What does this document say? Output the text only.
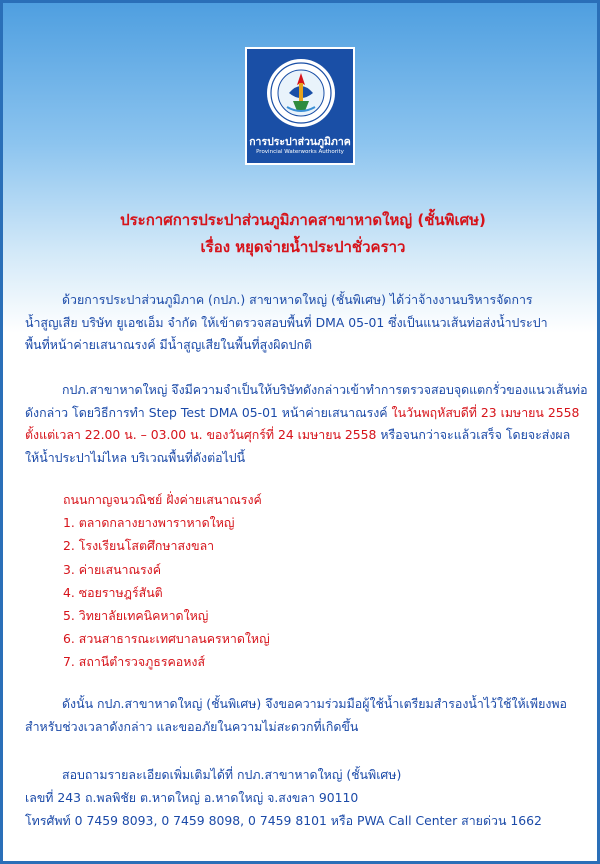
การประปาส่วนภูมิภาค
Provincial Waterworks Authority
ประกาศการประปาส่วนภูมิภาคสาขาหาดใหญ่ (ชั้นพิเศษ)
เรื่อง หยุดจ่ายน้ำประปาชั่วคราว
ด้วยการประปาส่วนภูมิภาค (กปภ.) สาขาหาดใหญ่ (ชั้นพิเศษ) ได้ว่าจ้างงานบริหารจัดการ
น้ำสูญเสีย บริษัท ยูเอชเอ็ม จำกัด ให้เข้าตรวจสอบพื้นที่ DMA 05-01 ซึ่งเป็นแนวเส้นท่อส่งน้ำประปา
พื้นที่หน้าค่ายเสนาณรงค์ มีน้ำสูญเสียในพื้นที่สูงผิดปกติ
กปภ.สาขาหาดใหญ่ จึงมีความจำเป็นให้บริษัทดังกล่าวเข้าทำการตรวจสอบจุดแตกรั่วของแนวเส้นท่อ
ดังกล่าว โดยวิธีการทำ Step Test DMA 05-01 หน้าค่ายเสนาณรงค์ ในวันพฤหัสบดีที่ 23 เมษายน 2558
ตั้งแต่เวลา 22.00 น. – 03.00 น. ของวันศุกร์ที่ 24 เมษายน 2558 หรือจนกว่าจะแล้วเสร็จ โดยจะส่งผล
ให้น้ำประปาไม่ไหล บริเวณพื้นที่ดังต่อไปนี้
ถนนกาญจนวณิชย์ ฝั่งค่ายเสนาณรงค์
1. ตลาดกลางยางพาราหาดใหญ่
2. โรงเรียนโสตศึกษาสงขลา
3. ค่ายเสนาณรงค์
4. ซอยราษฎร์สันติ
5. วิทยาลัยเทคนิคหาดใหญ่
6. สวนสาธารณะเทศบาลนครหาดใหญ่
7. สถานีตำรวจภูธรคอหงส์
ดังนั้น กปภ.สาขาหาดใหญ่ (ชั้นพิเศษ) จึงขอความร่วมมือผู้ใช้น้ำเตรียมสำรองน้ำไว้ใช้ให้เพียงพอ
สำหรับช่วงเวลาดังกล่าว และขออภัยในความไม่สะดวกที่เกิดขึ้น
สอบถามรายละเอียดเพิ่มเติมได้ที่ กปภ.สาขาหาดใหญ่ (ชั้นพิเศษ)
เลขที่ 243 ถ.พลพิชัย ต.หาดใหญ่ อ.หาดใหญ่ จ.สงขลา 90110
โทรศัพท์ 0 7459 8093, 0 7459 8098, 0 7459 8101 หรือ PWA Call Center สายด่วน 1662
